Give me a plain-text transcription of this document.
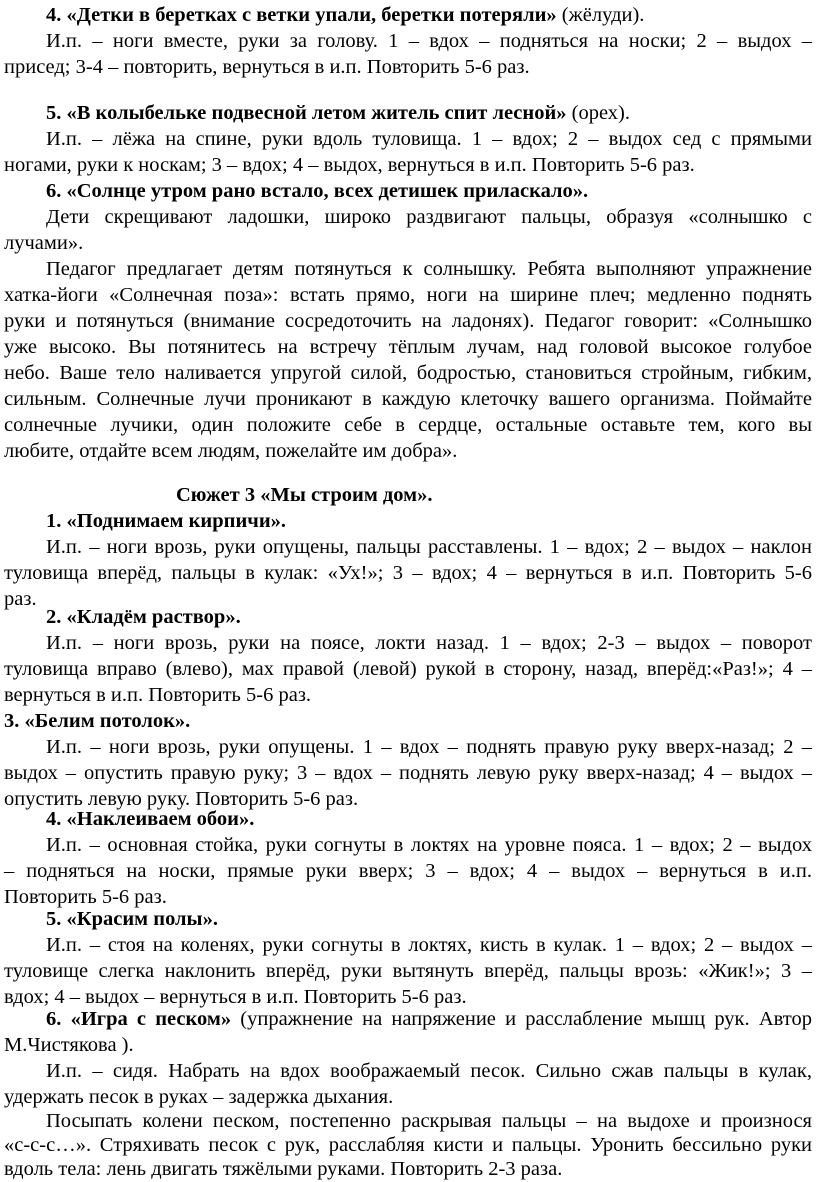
4. «Детки в беретках с ветки упали, беретки потеряли» (жёлуди).
И.п. – ноги вместе, руки за голову. 1 – вдох – подняться на носки; 2 – выдох –
присед; 3-4 – повторить, вернуться в и.п. Повторить 5-6 раз.
5. «В колыбельке подвесной летом житель спит лесной» (орех).
И.п. – лёжа на спине, руки вдоль туловища. 1 – вдох; 2 – выдох сед с прямыми
ногами, руки к носкам; 3 – вдох; 4 – выдох, вернуться в и.п. Повторить 5-6 раз.
6. «Солнце утром рано встало, всех детишек приласкало».
Дети скрещивают ладошки, широко раздвигают пальцы, образуя «солнышко с
лучами».
Педагог предлагает детям потянуться к солнышку. Ребята выполняют упражнение
хатка-йоги «Солнечная поза»: встать прямо, ноги на ширине плеч; медленно поднять
руки и потянуться (внимание сосредоточить на ладонях). Педагог говорит: «Солнышко
уже высоко. Вы потянитесь на встречу тёплым лучам, над головой высокое голубое
небо. Ваше тело наливается упругой силой, бодростью, становиться стройным, гибким,
сильным. Солнечные лучи проникают в каждую клеточку вашего организма. Поймайте
солнечные лучики, один положите себе в сердце, остальные оставьте тем, кого вы
любите, отдайте всем людям, пожелайте им добра».
Сюжет 3 «Мы строим дом».
1. «Поднимаем кирпичи».
И.п. – ноги врозь, руки опущены, пальцы расставлены. 1 – вдох; 2 – выдох – наклон
туловища вперёд, пальцы в кулак: «Ух!»; 3 – вдох; 4 – вернуться в и.п. Повторить 5-6
раз.
2. «Кладём раствор».
И.п. – ноги врозь, руки на поясе, локти назад. 1 – вдох; 2-3 – выдох – поворот
туловища вправо (влево), мах правой (левой) рукой в сторону, назад, вперёд:«Раз!»; 4 –
вернуться в и.п. Повторить 5-6 раз.
3. «Белим потолок».
И.п. – ноги врозь, руки опущены. 1 – вдох – поднять правую руку вверх-назад; 2 –
выдох – опустить правую руку; 3 – вдох – поднять левую руку вверх-назад; 4 – выдох –
опустить левую руку. Повторить 5-6 раз.
4. «Наклеиваем обои».
И.п. – основная стойка, руки согнуты в локтях на уровне пояса. 1 – вдох; 2 – выдох
– подняться на носки, прямые руки вверх; 3 – вдох; 4 – выдох – вернуться в и.п.
Повторить 5-6 раз.
5. «Красим полы».
И.п. – стоя на коленях, руки согнуты в локтях, кисть в кулак. 1 – вдох; 2 – выдох –
туловище слегка наклонить вперёд, руки вытянуть вперёд, пальцы врозь: «Жик!»; 3 –
вдох; 4 – выдох – вернуться в и.п. Повторить 5-6 раз.
6. «Игра с песком» (упражнение на напряжение и расслабление мышц рук. Автор
М.Чистякова ).
И.п. – сидя. Набрать на вдох воображаемый песок. Сильно сжав пальцы в кулак,
удержать песок в руках – задержка дыхания.
Посыпать колени песком, постепенно раскрывая пальцы – на выдохе и произнося
«с-с-с…». Стряхивать песок с рук, расслабляя кисти и пальцы. Уронить бессильно руки
вдоль тела: лень двигать тяжёлыми руками. Повторить 2-3 раза.
